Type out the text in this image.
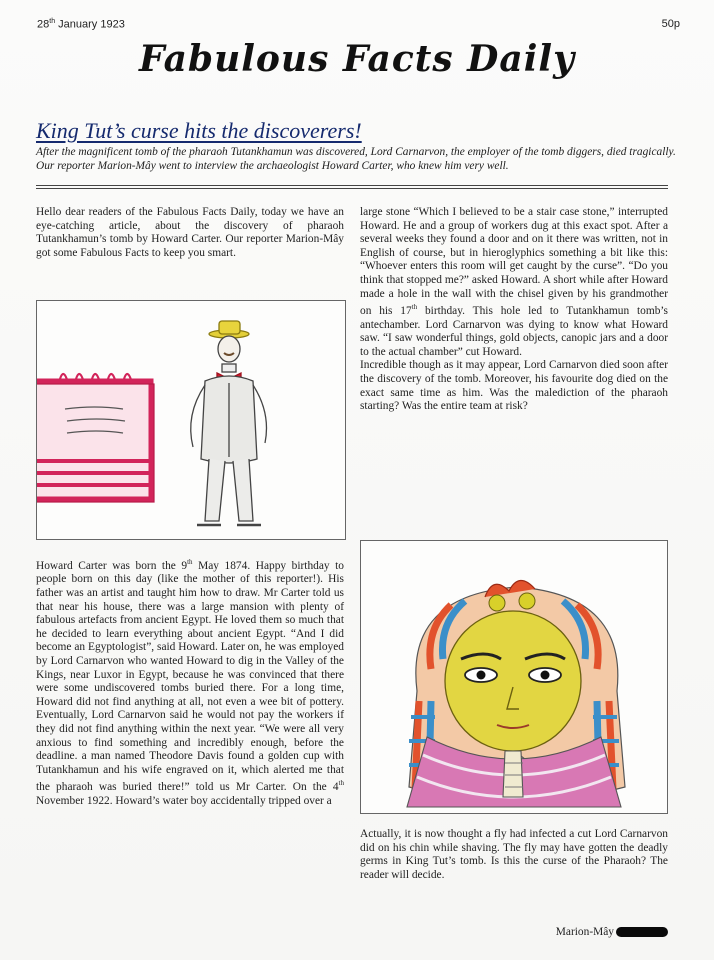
28th January 1923	50p
Fabulous Facts Daily
King Tut’s curse hits the discoverers!
After the magnificent tomb of the pharaoh Tutankhamun was discovered, Lord Carnarvon, the employer of the tomb diggers, died tragically. Our reporter Marion-Mây went to interview the archaeologist Howard Carter, who knew him very well.

Hello dear readers of the Fabulous Facts Daily, today we have an eye-catching article, about the discovery of pharaoh Tutankhamun’s tomb by Howard Carter. Our reporter Marion-Mây got some Fabulous Facts to keep you smart.

large stone “Which I believed to be a stair case stone,” interrupted Howard. He and a group of workers dug at this exact spot. After a several weeks they found a door and on it there was written, not in English of course, but in hieroglyphics something a bit like this: “Whoever enters this room will get caught by the curse”. “Do you think that stopped me?” asked Howard. A short while after Howard made a hole in the wall with the chisel given by his grandmother on his 17th birthday. This hole led to Tutankhamun tomb’s antechamber. Lord Carnarvon was dying to know what Howard saw. “I saw wonderful things, gold objects, canopic jars and a door to the actual chamber” cut Howard.

Incredible though as it may appear, Lord Carnarvon died soon after the discovery of the tomb. Moreover, his favourite dog died on the exact same time as him. Was the malediction of the pharaoh starting? Was the entire team at risk?

Howard Carter was born the 9th May 1874. Happy birthday to people born on this day (like the mother of this reporter!). His father was an artist and taught him how to draw. Mr Carter told us that near his house, there was a large mansion with plenty of fabulous artefacts from ancient Egypt. He loved them so much that he decided to learn everything about ancient Egypt. “And I did become an Egyptologist”, said Howard. Later on, he was employed by Lord Carnarvon who wanted Howard to dig in the Valley of the Kings, near Luxor in Egypt, because he was convinced that there were some undiscovered tombs buried there. For a long time, Howard did not find anything at all, not even a wee bit of pottery. Eventually, Lord Carnarvon said he would not pay the workers if they did not find anything within the next year. “We were all very anxious to find something and incredibly enough, before the deadline. a man named Theodore Davis found a golden cup with Tutankhamun and his wife engraved on it, which alerted me that the pharaoh was buried there!” told us Mr Carter. On the 4th November 1922. Howard’s water boy accidentally tripped over a

Actually, it is now thought a fly had infected a cut Lord Carnarvon did on his chin while shaving. The fly may have gotten the deadly germs in King Tut’s tomb. Is this the curse of the Pharaoh? The reader will decide.

Marion-Mây
